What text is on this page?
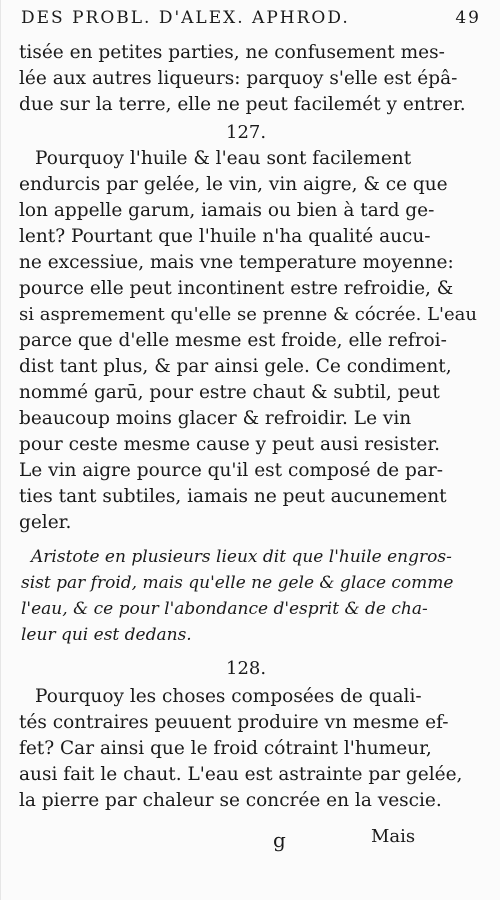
DES PROBL. D'ALEX. APHROD.	49
tisée en petites parties, ne confusement mes-
lée aux autres liqueurs: parquoy s'elle est épâ-
due sur la terre, elle ne peut facilemét y entrer.
127.
Pourquoy l'huile & l'eau sont facilement
endurcis par gelée, le vin, vin aigre, & ce que
lon appelle garum, iamais ou bien à tard ge-
lent? Pourtant que l'huile n'ha qualité aucu-
ne excessiue, mais vne temperature moyenne:
pource elle peut incontinent estre refroidie, &
si aspremement qu'elle se prenne & cócrée. L'eau
parce que d'elle mesme est froide, elle refroi-
dist tant plus, & par ainsi gele. Ce condiment,
nommé garū, pour estre chaut & subtil, peut
beaucoup moins glacer & refroidir. Le vin
pour ceste mesme cause y peut ausi resister.
Le vin aigre pource qu'il est composé de par-
ties tant subtiles, iamais ne peut aucunement
geler.
Aristote en plusieurs lieux dit que l'huile engros-
sist par froid, mais qu'elle ne gele & glace comme
l'eau, & ce pour l'abondance d'esprit & de cha-
leur qui est dedans.
128.
Pourquoy les choses composées de quali-
tés contraires peuuent produire vn mesme ef-
fet? Car ainsi que le froid cótraint l'humeur,
ausi fait le chaut. L'eau est astrainte par gelée,
la pierre par chaleur se concrée en la vescie.
g	Mais
